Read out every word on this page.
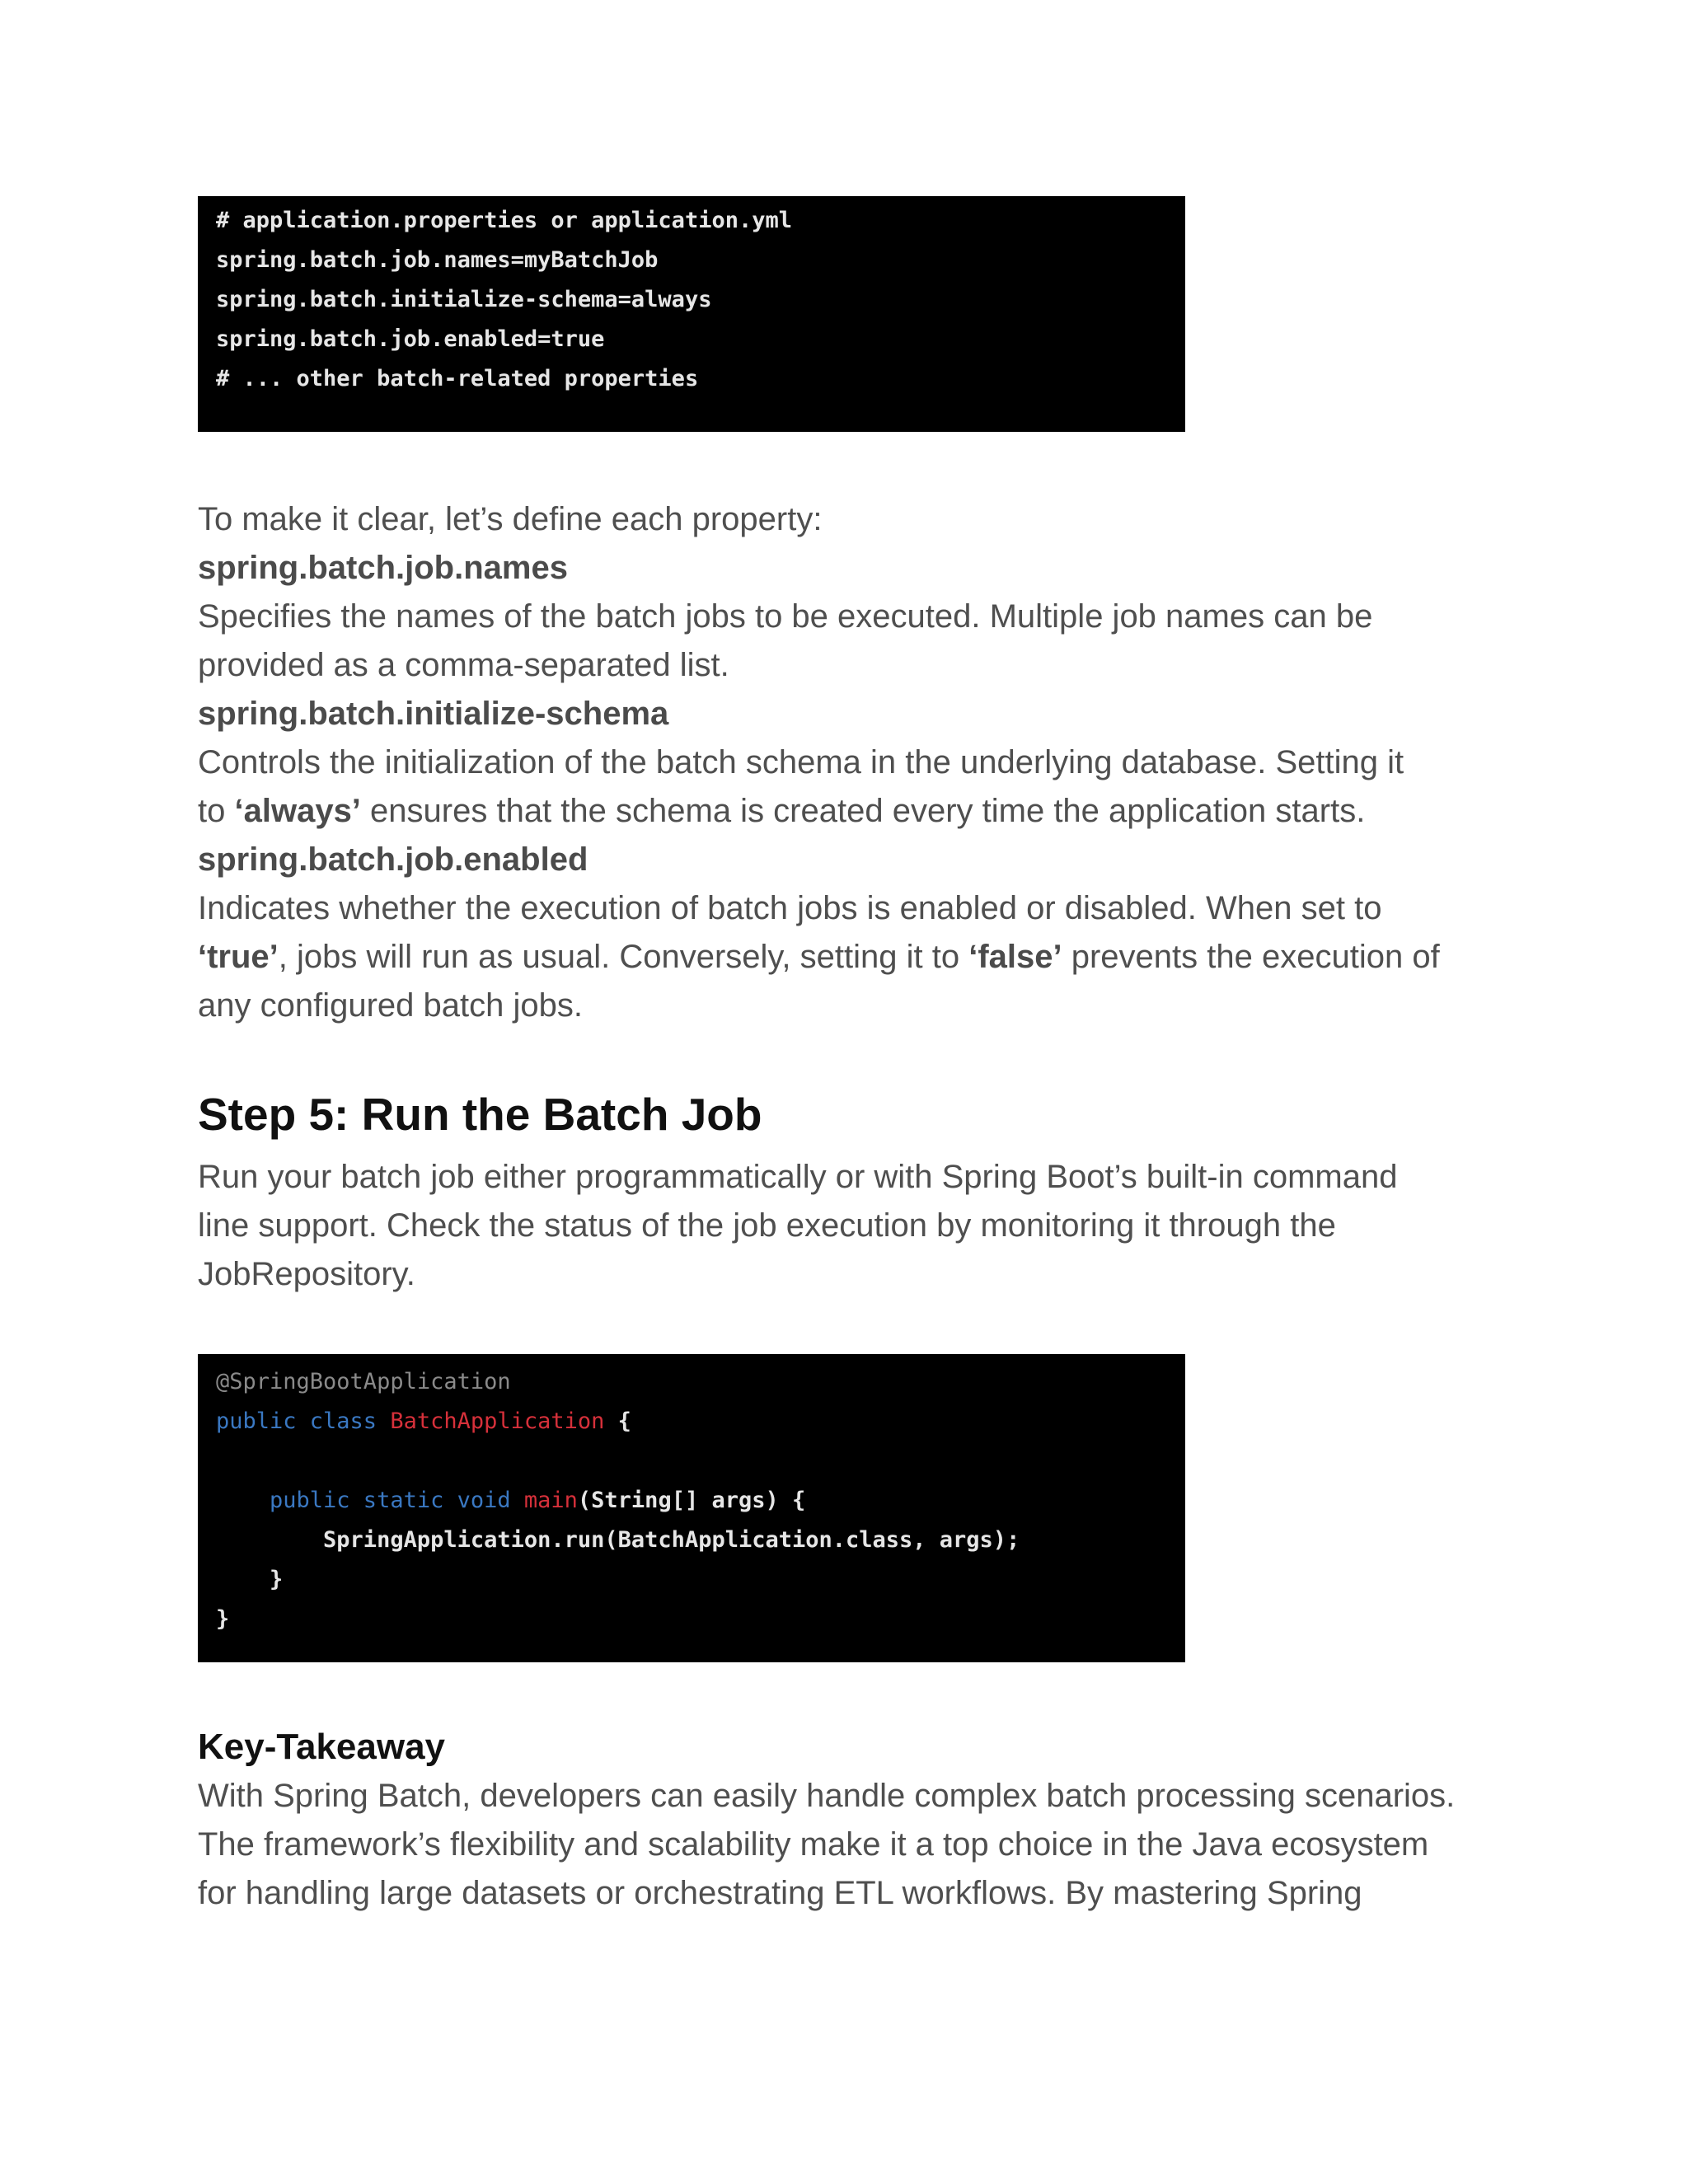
# application.properties or application.yml
spring.batch.job.names=myBatchJob
spring.batch.initialize-schema=always
spring.batch.job.enabled=true
# ... other batch-related properties
To make it clear, let’s define each property:
spring.batch.job.names
Specifies the names of the batch jobs to be executed. Multiple job names can be
provided as a comma-separated list.
spring.batch.initialize-schema
Controls the initialization of the batch schema in the underlying database. Setting it
to ‘always’ ensures that the schema is created every time the application starts.
spring.batch.job.enabled
Indicates whether the execution of batch jobs is enabled or disabled. When set to
‘true’, jobs will run as usual. Conversely, setting it to ‘false’ prevents the execution of
any configured batch jobs.
Step 5: Run the Batch Job
Run your batch job either programmatically or with Spring Boot’s built-in command
line support. Check the status of the job execution by monitoring it through the
JobRepository.
@SpringBootApplication
public class BatchApplication {
public static void main(String[] args) {
SpringApplication.run(BatchApplication.class, args);
}
}
Key-Takeaway
With Spring Batch, developers can easily handle complex batch processing scenarios.
The framework’s flexibility and scalability make it a top choice in the Java ecosystem
for handling large datasets or orchestrating ETL workflows. By mastering Spring
